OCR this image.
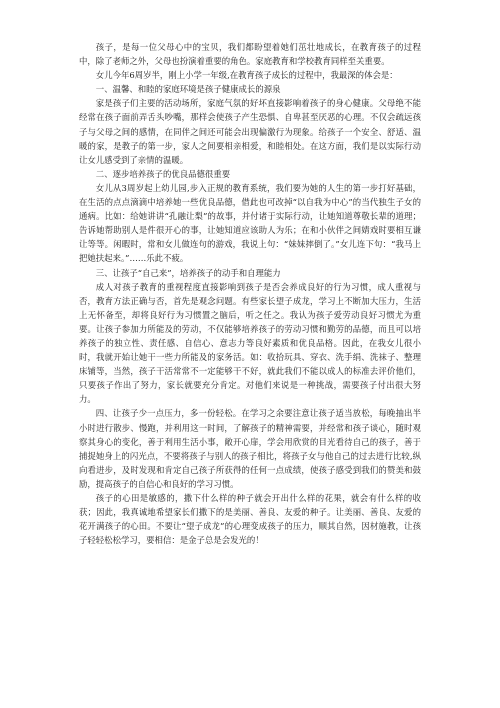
孩子，是每一位父母心中的宝贝，我们都盼望着她们茁壮地成长，在教育孩子的过程中，除了老师之外，父母也扮演着重要的角色。家庭教育和学校教育同样至关重要。

女儿今年6周岁半，刚上小学一年级,在教育孩子成长的过程中，我最深的体会是：

一、温馨、和睦的家庭环境是孩子健康成长的源泉

家是孩子们主要的活动场所，家庭气氛的好坏直接影响着孩子的身心健康。父母绝不能经常在孩子面前弄舌头吵嘴，那样会使孩子产生恐惧、自卑甚至厌恶的心理。不仅会疏远孩子与父母之间的感情，在同伴之间还可能会出现偏激行为现象。给孩子一个安全、舒适、温暖的家，是教子的第一步，家人之间要相亲相爱，和睦相处。在这方面，我们是以实际行动让女儿感受到了亲情的温暖。

二、逐步培养孩子的优良品德很重要

女儿从3周岁起上幼儿园,步入正规的教育系统，我们要为她的人生的第一步打好基础，在生活的点点滴滴中培养她一些优良品德，借此也可改掉“以自我为中心”的当代独生子女的通病。比如：给她讲讲“孔融让梨”的故事，并付诸于实际行动，让她知道尊敬长辈的道理；告诉她帮助别人是件很开心的事，让她知道应该助人为乐；在和小伙伴之间婧戏时要相互谦让等等。闲暇时，常和女儿做连句的游戏，我说上句：“妹妹摔倒了。”女儿连下句：“我马上把她扶起来。”……乐此不疲。

三、让孩子“自己来”，培养孩子的动手和自理能力

成人对孩子教育的重视程度直接影响到孩子是否会养成良好的行为习惯，成人重视与否，教育方法正确与否，首先是观念问题。有些家长望子成龙，学习上不断加大压力，生活上无怀备至，却将良好行为习惯置之脑后，听之任之。我认为孩子爱劳动良好习惯尤为重要。让孩子参加力所能及的劳动，不仅能够培养孩子的劳动习惯和勤劳的品德，而且可以培养孩子的独立性、责任感、自信心、意志力等良好素质和优良品格。因此，在我女儿很小时，我就开始让她干一些力所能及的家务活。如：收拾玩具、穿衣、洗手绢、洗袜子、整理床铺等，当然，孩子干活常常不一定能够干不好，就此我们不能以成人的标准去评价他们，只要孩子作出了努力，家长就要充分肯定。对他们来说是一种挑战，需要孩子付出很大努力。

四、让孩子少一点压力，多一份轻松。在学习之余要注意让孩子适当放松，每晚抽出半小时进行散步、慢跑，并利用这一时间，了解孩子的精神需要，并经常和孩子谈心，随时观察其身心的变化，善于利用生活小事，敞开心扉，学会用欣赏的目光看待自己的孩子，善于捕捉她身上的闪光点，不要将孩子与别人的孩子相比，将孩子女与他自己的过去进行比较,纵向看进步，及时发现和肯定自己孩子所获得的任何一点成绩，使孩子感受到我们的赞美和鼓励，提高孩子的自信心和良好的学习习惯。

孩子的心田是敏感的，撒下什么样的种子就会开出什么样的花果，就会有什么样的收获；因此，我真诚地希望家长们撒下的是美丽、善良、友爱的种子。让美丽、善良、友爱的花开满孩子的心田。不要让“望子成龙”的心理变成孩子的压力，顺其自然，因材施教，让孩子轻轻松松学习，要相信：是金子总是会发光的！
